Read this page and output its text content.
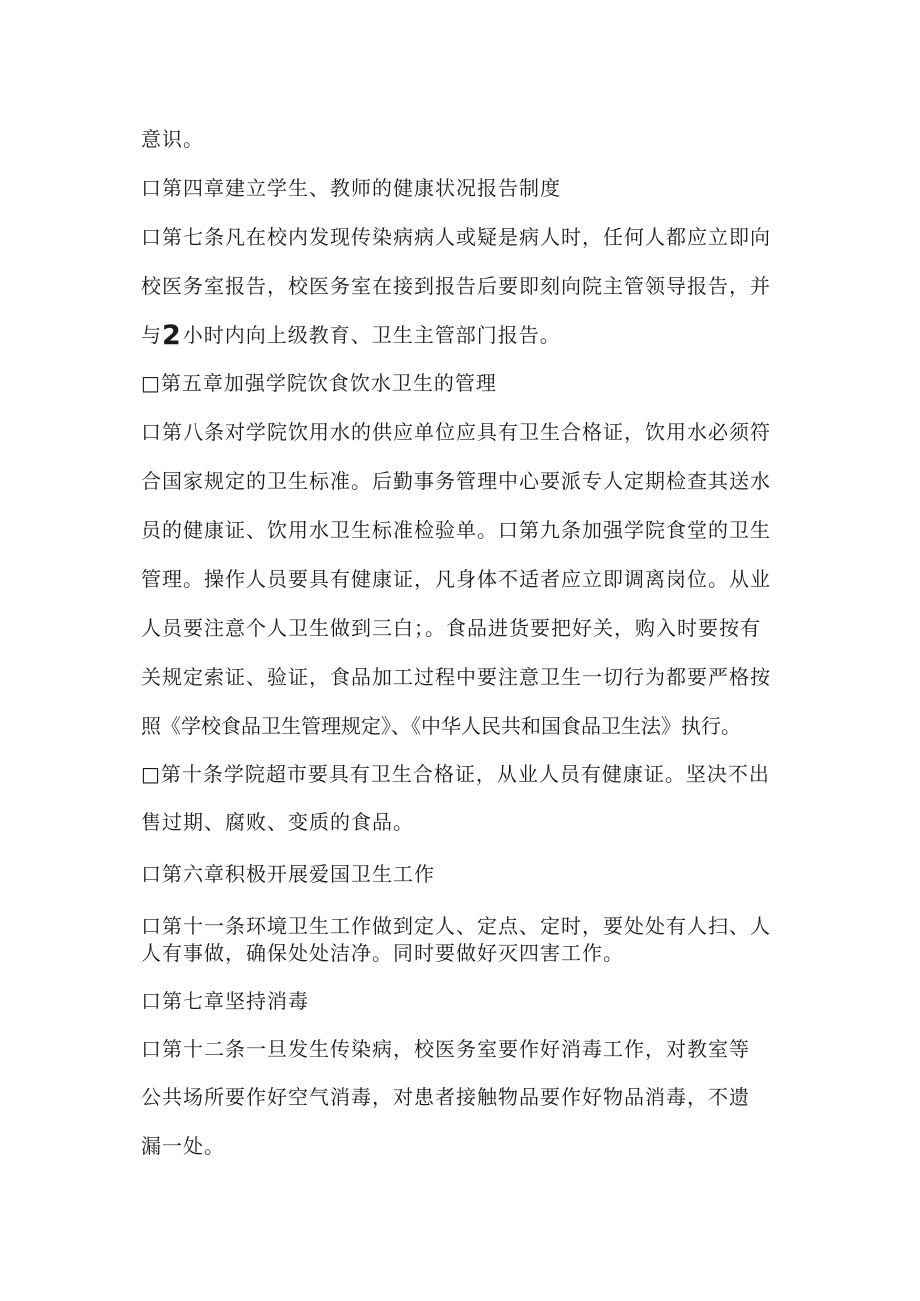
意识。
口第四章建立学生、教师的健康状况报告制度
口第七条凡在校内发现传染病病人或疑是病人时，任何人都应立即向
校医务室报告，校医务室在接到报告后要即刻向院主管领导报告，并
与2小时内向上级教育、卫生主管部门报告。
□第五章加强学院饮食饮水卫生的管理
口第八条对学院饮用水的供应单位应具有卫生合格证，饮用水必须符
合国家规定的卫生标准。后勤事务管理中心要派专人定期检查其送水
员的健康证、饮用水卫生标准检验单。口第九条加强学院食堂的卫生
管理。操作人员要具有健康证，凡身体不适者应立即调离岗位。从业
人员要注意个人卫生做到三白；。食品进货要把好关，购入时要按有
关规定索证、验证，食品加工过程中要注意卫生一切行为都要严格按
照《学校食品卫生管理规定》、《中华人民共和国食品卫生法》执行。
□第十条学院超市要具有卫生合格证，从业人员有健康证。坚决不出
售过期、腐败、变质的食品。
口第六章积极开展爱国卫生工作
口第十一条环境卫生工作做到定人、定点、定时，要处处有人扫、人
人有事做，确保处处洁净。同时要做好灭四害工作。
口第七章坚持消毒
口第十二条一旦发生传染病，校医务室要作好消毒工作，对教室等
公共场所要作好空气消毒，对患者接触物品要作好物品消毒，不遗
漏一处。
